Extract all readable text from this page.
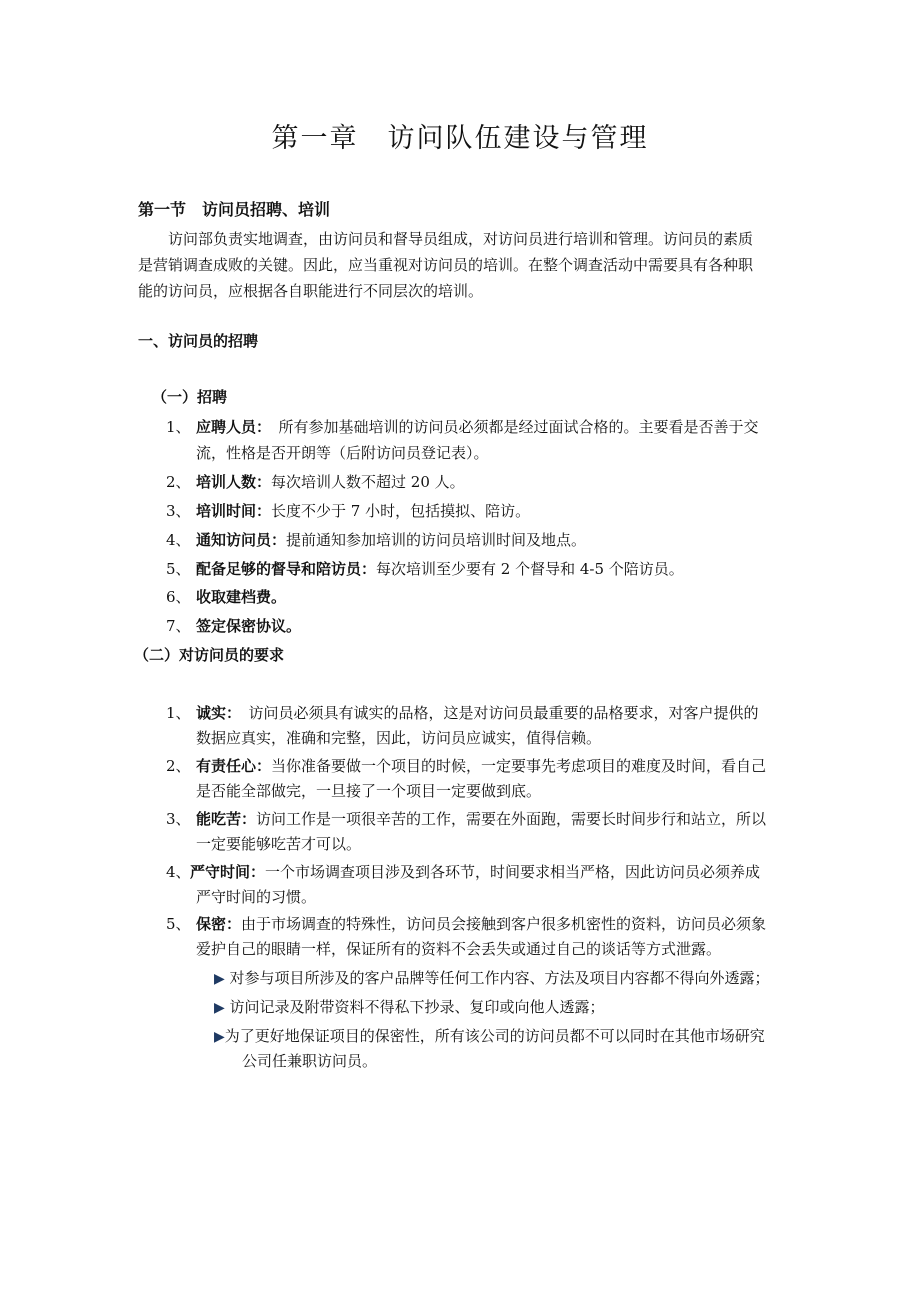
第一章　访问队伍建设与管理
第一节　访问员招聘、培训
访问部负责实地调查，由访问员和督导员组成，对访问员进行培训和管理。访问员的素质
是营销调查成败的关键。因此，应当重视对访问员的培训。在整个调查活动中需要具有各种职
能的访问员，应根据各自职能进行不同层次的培训。
一、访问员的招聘
（一）招聘
1、 应聘人员：　所有参加基础培训的访问员必须都是经过面试合格的。主要看是否善于交
流，性格是否开朗等（后附访问员登记表）。
2、 培训人数：每次培训人数不超过 20 人。
3、 培训时间：长度不少于 7 小时，包括摸拟、陪访。
4、 通知访问员：提前通知参加培训的访问员培训时间及地点。
5、 配备足够的督导和陪访员：每次培训至少要有 2 个督导和 4-5 个陪访员。
6、 收取建档费。
7、 签定保密协议。
（二）对访问员的要求
1、 诚实：　访问员必须具有诚实的品格，这是对访问员最重要的品格要求，对客户提供的
数据应真实，准确和完整，因此，访问员应诚实，值得信赖。
2、 有责任心：当你准备要做一个项目的时候，一定要事先考虑项目的难度及时间，看自己
是否能全部做完，一旦接了一个项目一定要做到底。
3、 能吃苦：访问工作是一项很辛苦的工作，需要在外面跑，需要长时间步行和站立，所以
一定要能够吃苦才可以。
4、 严守时间：一个市场调查项目涉及到各环节，时间要求相当严格，因此访问员必须养成
严守时间的习惯。
5、 保密：由于市场调查的特殊性，访问员会接触到客户很多机密性的资料，访问员必须象
爱护自己的眼睛一样，保证所有的资料不会丢失或通过自己的谈话等方式泄露。
▶ 对参与项目所涉及的客户品牌等任何工作内容、方法及项目内容都不得向外透露；
▶ 访问记录及附带资料不得私下抄录、复印或向他人透露；
▶为了更好地保证项目的保密性，所有该公司的访问员都不可以同时在其他市场研究
公司任兼职访问员。
